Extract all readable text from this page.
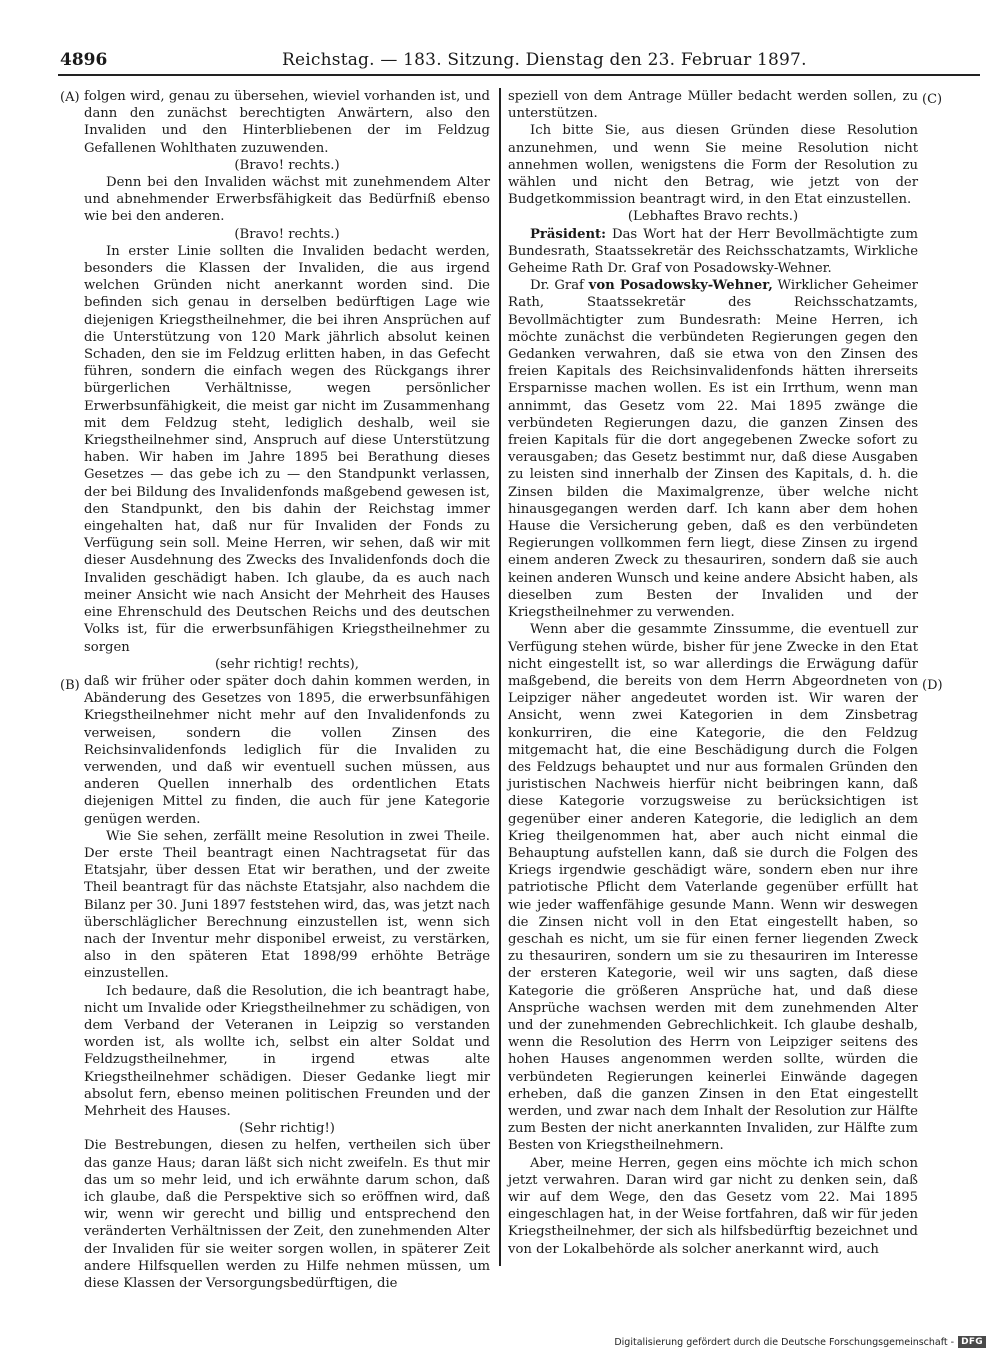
4896	Reichstag. — 183. Sitzung. Dienstag den 23. Februar 1897.
(A)
(B)
(C)
(D)

folgen wird, genau zu übersehen, wieviel vorhanden ist, und dann den zunächst berechtigten Anwärtern, also den Invaliden und den Hinterbliebenen der im Feldzug Gefallenen Wohlthaten zuzuwenden.

(Bravo! rechts.)

Denn bei den Invaliden wächst mit zunehmendem Alter und abnehmender Erwerbsfähigkeit das Bedürfniß ebenso wie bei den anderen.

(Bravo! rechts.)

In erster Linie sollten die Invaliden bedacht werden, besonders die Klassen der Invaliden, die aus irgend welchen Gründen nicht anerkannt worden sind. Die befinden sich genau in derselben bedürftigen Lage wie diejenigen Kriegstheilnehmer, die bei ihren Ansprüchen auf die Unterstützung von 120 Mark jährlich absolut keinen Schaden, den sie im Feldzug erlitten haben, in das Gefecht führen, sondern die einfach wegen des Rückgangs ihrer bürgerlichen Verhältnisse, wegen persönlicher Erwerbsunfähigkeit, die meist gar nicht im Zusammenhang mit dem Feldzug steht, lediglich deshalb, weil sie Kriegstheilnehmer sind, Anspruch auf diese Unterstützung haben. Wir haben im Jahre 1895 bei Berathung dieses Gesetzes — das gebe ich zu — den Standpunkt verlassen, der bei Bildung des Invalidenfonds maßgebend gewesen ist, den Standpunkt, den bis dahin der Reichstag immer eingehalten hat, daß nur für Invaliden der Fonds zu Verfügung sein soll. Meine Herren, wir sehen, daß wir mit dieser Ausdehnung des Zwecks des Invalidenfonds doch die Invaliden geschädigt haben. Ich glaube, da es auch nach meiner Ansicht wie nach Ansicht der Mehrheit des Hauses eine Ehrenschuld des Deutschen Reichs und des deutschen Volks ist, für die erwerbsunfähigen Kriegstheilnehmer zu sorgen

(sehr richtig! rechts),

daß wir früher oder später doch dahin kommen werden, in Abänderung des Gesetzes von 1895, die erwerbsunfähigen Kriegstheilnehmer nicht mehr auf den Invalidenfonds zu verweisen, sondern die vollen Zinsen des Reichsinvalidenfonds lediglich für die Invaliden zu verwenden, und daß wir eventuell suchen müssen, aus anderen Quellen innerhalb des ordentlichen Etats diejenigen Mittel zu finden, die auch für jene Kategorie genügen werden.

Wie Sie sehen, zerfällt meine Resolution in zwei Theile. Der erste Theil beantragt einen Nachtragsetat für das Etatsjahr, über dessen Etat wir berathen, und der zweite Theil beantragt für das nächste Etatsjahr, also nachdem die Bilanz per 30. Juni 1897 feststehen wird, das, was jetzt nach überschläglicher Berechnung einzustellen ist, wenn sich nach der Inventur mehr disponibel erweist, zu verstärken, also in den späteren Etat 1898/99 erhöhte Beträge einzustellen.

Ich bedaure, daß die Resolution, die ich beantragt habe, nicht um Invalide oder Kriegstheilnehmer zu schädigen, von dem Verband der Veteranen in Leipzig so verstanden worden ist, als wollte ich, selbst ein alter Soldat und Feldzugstheilnehmer, in irgend etwas alte Kriegstheilnehmer schädigen. Dieser Gedanke liegt mir absolut fern, ebenso meinen politischen Freunden und der Mehrheit des Hauses.

(Sehr richtig!)

Die Bestrebungen, diesen zu helfen, vertheilen sich über das ganze Haus; daran läßt sich nicht zweifeln. Es thut mir das um so mehr leid, und ich erwähnte darum schon, daß ich glaube, daß die Perspektive sich so eröffnen wird, daß wir, wenn wir gerecht und billig und entsprechend den veränderten Verhältnissen der Zeit, den zunehmenden Alter der Invaliden für sie weiter sorgen wollen, in späterer Zeit andere Hilfsquellen werden zu Hilfe nehmen müssen, um diese Klassen der Versorgungsbedürftigen, die

speziell von dem Antrage Müller bedacht werden sollen, zu unterstützen.

Ich bitte Sie, aus diesen Gründen diese Resolution anzunehmen, und wenn Sie meine Resolution nicht annehmen wollen, wenigstens die Form der Resolution zu wählen und nicht den Betrag, wie jetzt von der Budgetkommission beantragt wird, in den Etat einzustellen.

(Lebhaftes Bravo rechts.)

Präsident: Das Wort hat der Herr Bevollmächtigte zum Bundesrath, Staatssekretär des Reichsschatzamts, Wirkliche Geheime Rath Dr. Graf von Posadowsky-Wehner.

Dr. Graf von Posadowsky-Wehner, Wirklicher Geheimer Rath, Staatssekretär des Reichsschatzamts, Bevollmächtigter zum Bundesrath: Meine Herren, ich möchte zunächst die verbündeten Regierungen gegen den Gedanken verwahren, daß sie etwa von den Zinsen des freien Kapitals des Reichsinvalidenfonds hätten ihrerseits Ersparnisse machen wollen. Es ist ein Irrthum, wenn man annimmt, das Gesetz vom 22. Mai 1895 zwänge die verbündeten Regierungen dazu, die ganzen Zinsen des freien Kapitals für die dort angegebenen Zwecke sofort zu verausgaben; das Gesetz bestimmt nur, daß diese Ausgaben zu leisten sind innerhalb der Zinsen des Kapitals, d. h. die Zinsen bilden die Maximalgrenze, über welche nicht hinausgegangen werden darf. Ich kann aber dem hohen Hause die Versicherung geben, daß es den verbündeten Regierungen vollkommen fern liegt, diese Zinsen zu irgend einem anderen Zweck zu thesauriren, sondern daß sie auch keinen anderen Wunsch und keine andere Absicht haben, als dieselben zum Besten der Invaliden und der Kriegstheilnehmer zu verwenden.

Wenn aber die gesammte Zinssumme, die eventuell zur Verfügung stehen würde, bisher für jene Zwecke in den Etat nicht eingestellt ist, so war allerdings die Erwägung dafür maßgebend, die bereits von dem Herrn Abgeordneten von Leipziger näher angedeutet worden ist. Wir waren der Ansicht, wenn zwei Kategorien in dem Zinsbetrag konkurriren, die eine Kategorie, die den Feldzug mitgemacht hat, die eine Beschädigung durch die Folgen des Feldzugs behauptet und nur aus formalen Gründen den juristischen Nachweis hierfür nicht beibringen kann, daß diese Kategorie vorzugsweise zu berücksichtigen ist gegenüber einer anderen Kategorie, die lediglich an dem Krieg theilgenommen hat, aber auch nicht einmal die Behauptung aufstellen kann, daß sie durch die Folgen des Kriegs irgendwie geschädigt wäre, sondern eben nur ihre patriotische Pflicht dem Vaterlande gegenüber erfüllt hat wie jeder waffenfähige gesunde Mann. Wenn wir deswegen die Zinsen nicht voll in den Etat eingestellt haben, so geschah es nicht, um sie für einen ferner liegenden Zweck zu thesauriren, sondern um sie zu thesauriren im Interesse der ersteren Kategorie, weil wir uns sagten, daß diese Kategorie die größeren Ansprüche hat, und daß diese Ansprüche wachsen werden mit dem zunehmenden Alter und der zunehmenden Gebrechlichkeit. Ich glaube deshalb, wenn die Resolution des Herrn von Leipziger seitens des hohen Hauses angenommen werden sollte, würden die verbündeten Regierungen keinerlei Einwände dagegen erheben, daß die ganzen Zinsen in den Etat eingestellt werden, und zwar nach dem Inhalt der Resolution zur Hälfte zum Besten der nicht anerkannten Invaliden, zur Hälfte zum Besten von Kriegstheilnehmern.

Aber, meine Herren, gegen eins möchte ich mich schon jetzt verwahren. Daran wird gar nicht zu denken sein, daß wir auf dem Wege, den das Gesetz vom 22. Mai 1895 eingeschlagen hat, in der Weise fortfahren, daß wir für jeden Kriegstheilnehmer, der sich als hilfsbedürftig bezeichnet und von der Lokalbehörde als solcher anerkannt wird, auch

Digitalisierung gefördert durch die Deutsche Forschungsgemeinschaft - DFG
